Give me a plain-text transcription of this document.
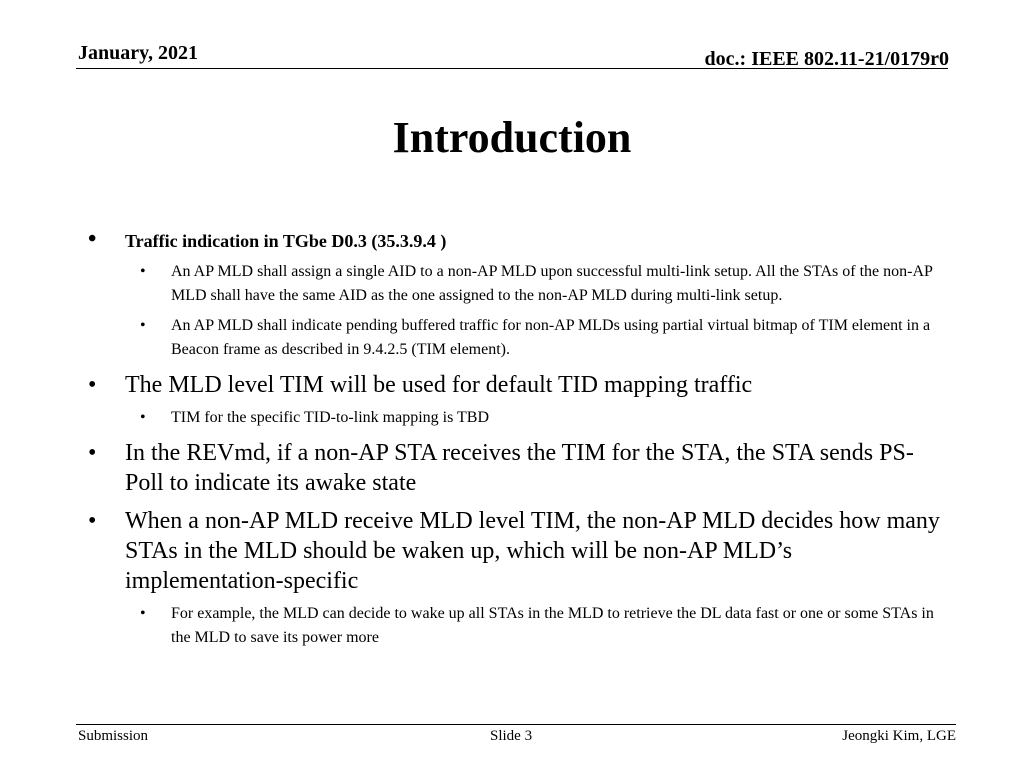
January, 2021	doc.: IEEE 802.11-21/0179r0
Introduction
• Traffic indication in TGbe D0.3 (35.3.9.4 )
• An AP MLD shall assign a single AID to a non-AP MLD upon successful multi-link setup. All the STAs of the non-AP MLD shall have the same AID as the one assigned to the non-AP MLD during multi-link setup.
• An AP MLD shall indicate pending buffered traffic for non-AP MLDs using partial virtual bitmap of TIM element in a Beacon frame as described in 9.4.2.5 (TIM element).
• The MLD level TIM will be used for default TID mapping traffic
• TIM for the specific TID-to-link mapping is TBD
• In the REVmd, if a non-AP STA receives the TIM for the STA, the STA sends PS-Poll to indicate its awake state
• When a non-AP MLD receive MLD level TIM, the non-AP MLD decides how many STAs in the MLD should be waken up, which will be non-AP MLD’s implementation-specific
• For example, the MLD can decide to wake up all STAs in the MLD to retrieve the DL data fast or one or some STAs in the MLD to save its power more
Submission	Slide 3	Jeongki Kim, LGE
